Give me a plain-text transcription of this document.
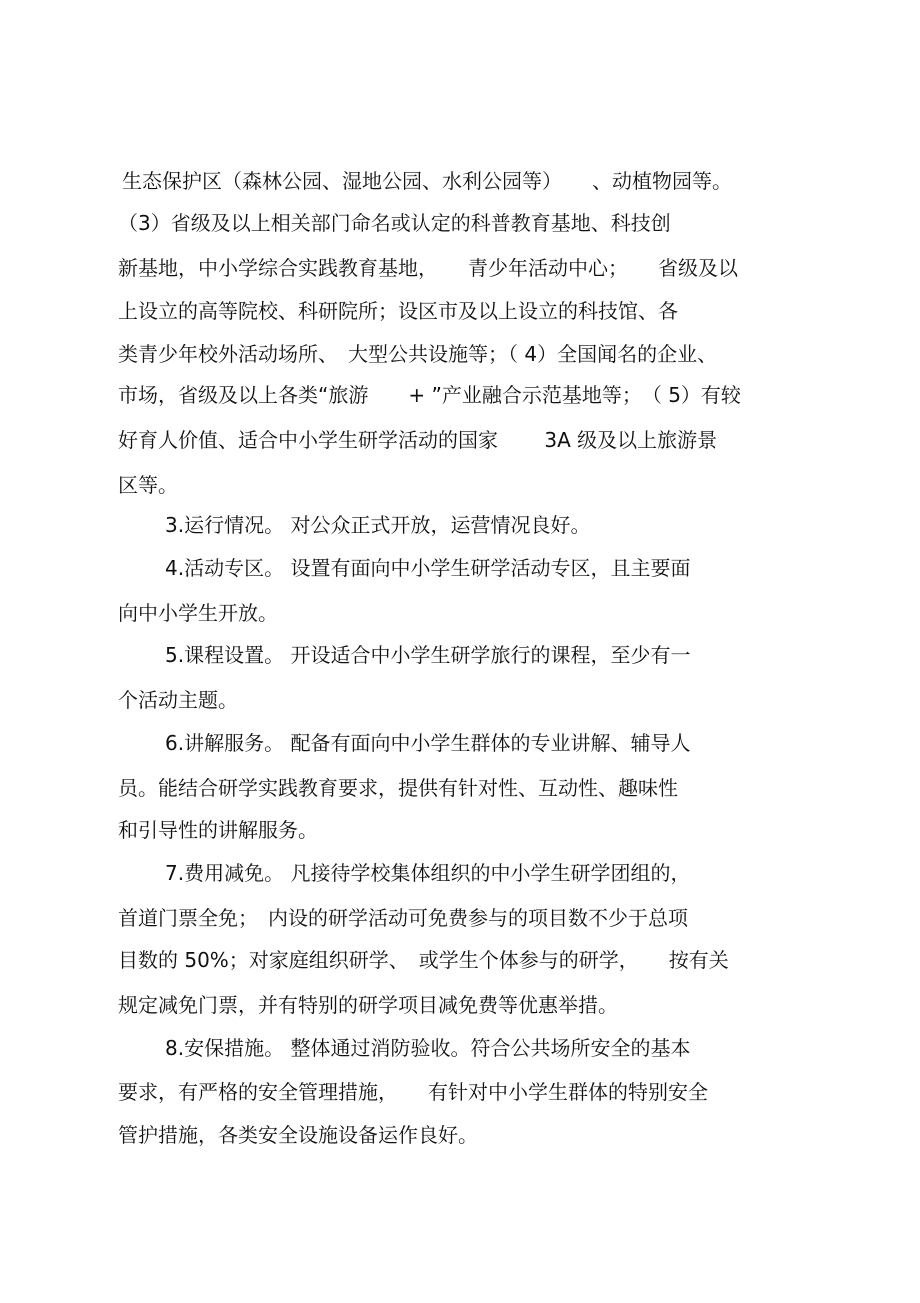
生态保护区（森林公园、湿地公园、水利公园等）　　、动植物园等。
（3）省级及以上相关部门命名或认定的科普教育基地、科技创
新基地，中小学综合实践教育基地，　　青少年活动中心；　　省级及以
上设立的高等院校、科研院所；设区市及以上设立的科技馆、各
类青少年校外活动场所、　大型公共设施等；（ 4）全国闻名的企业、
市场，省级及以上各类“旅游　　+ ”产业融合示范基地等；　（ 5）有较
好育人价值、适合中小学生研学活动的国家　　 3A 级及以上旅游景
区等。
3.运行情况。 对公众正式开放，运营情况良好。
4.活动专区。 设置有面向中小学生研学活动专区，且主要面
向中小学生开放。
5.课程设置。 开设适合中小学生研学旅行的课程，至少有一
个活动主题。
6.讲解服务。 配备有面向中小学生群体的专业讲解、辅导人
员。能结合研学实践教育要求，提供有针对性、互动性、趣味性
和引导性的讲解服务。
7.费用减免。 凡接待学校集体组织的中小学生研学团组的，
首道门票全免；　内设的研学活动可免费参与的项目数不少于总项
目数的 50%；对家庭组织研学、　或学生个体参与的研学，　　按有关
规定减免门票，并有特别的研学项目减免费等优惠举措。
8.安保措施。 整体通过消防验收。符合公共场所安全的基本
要求，有严格的安全管理措施，　　有针对中小学生群体的特别安全
管护措施，各类安全设施设备运作良好。
